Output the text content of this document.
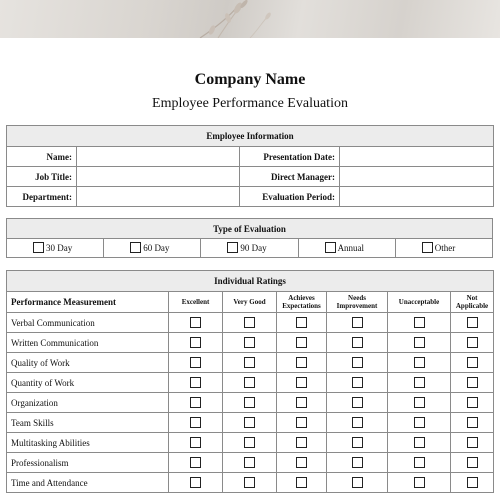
Company Name
Employee Performance Evaluation
Employee Information			
Name:		Presentation Date:	
Job Title:		Direct Manager:	
Department:		Evaluation Period:	
Type of Evaluation
30 Day	60 Day	90 Day	Annual	Other
Individual Ratings						
Performance Measurement	Excellent	Very Good	Achieves Expectations	Needs Improvement	Unacceptable	Not Applicable
Verbal Communication						
Written Communication						
Quality of Work						
Quantity of Work						
Organization						
Team Skills						
Multitasking Abilities						
Professionalism						
Time and Attendance						
